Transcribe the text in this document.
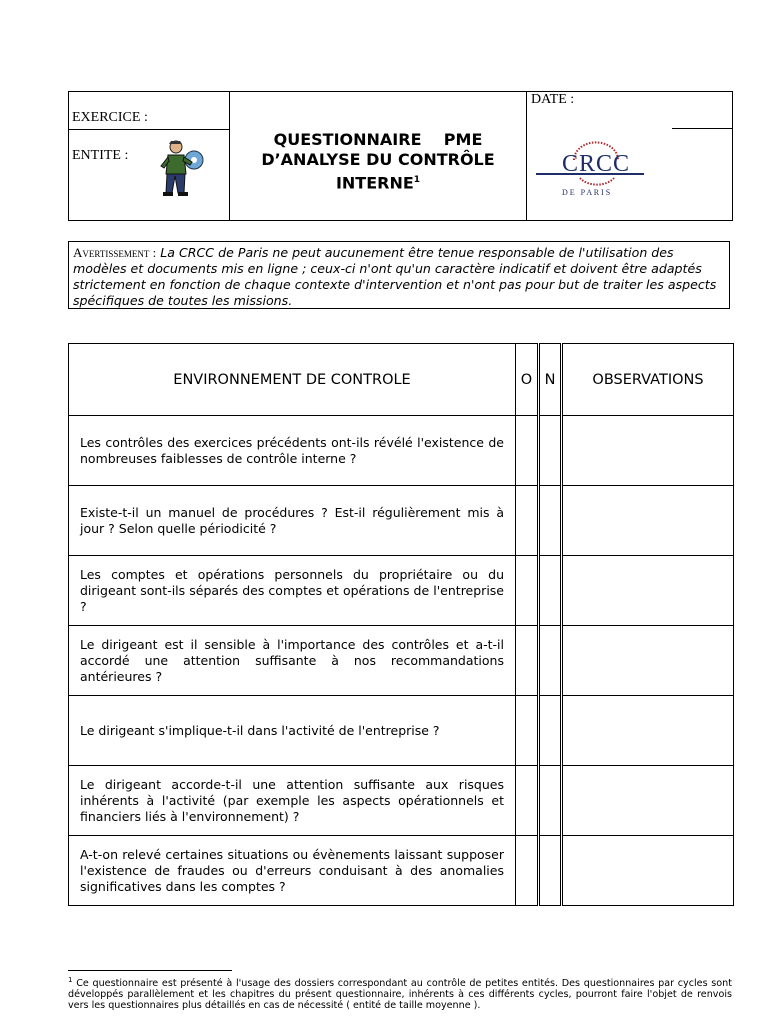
EXERCICE :
ENTITE :
DATE :
QUESTIONNAIRE    PME
D’ANALYSE DU CONTRÔLE
INTERNE$^1$
CRCC
D E   P A R I S
Avertissement : La CRCC de Paris ne peut aucunement être tenue responsable de l'utilisation des modèles et documents mis en ligne ; ceux-ci n'ont qu'un caractère indicatif et doivent être adaptés strictement en fonction de chaque contexte d'intervention et n'ont pas pour but de traiter les aspects spécifiques de toutes les missions.
ENVIRONNEMENT DE CONTROLE	O	N	OBSERVATIONS
Les contrôles des exercices précédents ont-ils révélé l'existence de nombreuses faiblesses de contrôle interne ?			
Existe-t-il un manuel de procédures ? Est-il régulièrement mis à jour ? Selon quelle périodicité ?			
Les comptes et opérations personnels du propriétaire ou du dirigeant sont-ils séparés des comptes et opérations de l'entreprise ?			
Le dirigeant est il sensible à l'importance des contrôles et a-t-il accordé une attention suffisante à nos recommandations antérieures ?			
Le dirigeant s'implique-t-il dans l'activité de l'entreprise ?			
Le dirigeant accorde-t-il une attention suffisante aux risques inhérents à l'activité (par exemple les aspects opérationnels et financiers liés à l'environnement) ?			
A-t-on relevé certaines situations ou évènements laissant supposer l'existence de fraudes ou d'erreurs conduisant à des anomalies significatives dans les comptes ?			
$^1$ Ce questionnaire est présenté à l'usage des dossiers correspondant au contrôle de petites entités. Des questionnaires par cycles sont développés parallèlement et les chapitres du présent questionnaire, inhérents à ces différents cycles, pourront faire l'objet de renvois vers les questionnaires plus détaillés en cas de nécessité ( entité de taille moyenne ).
